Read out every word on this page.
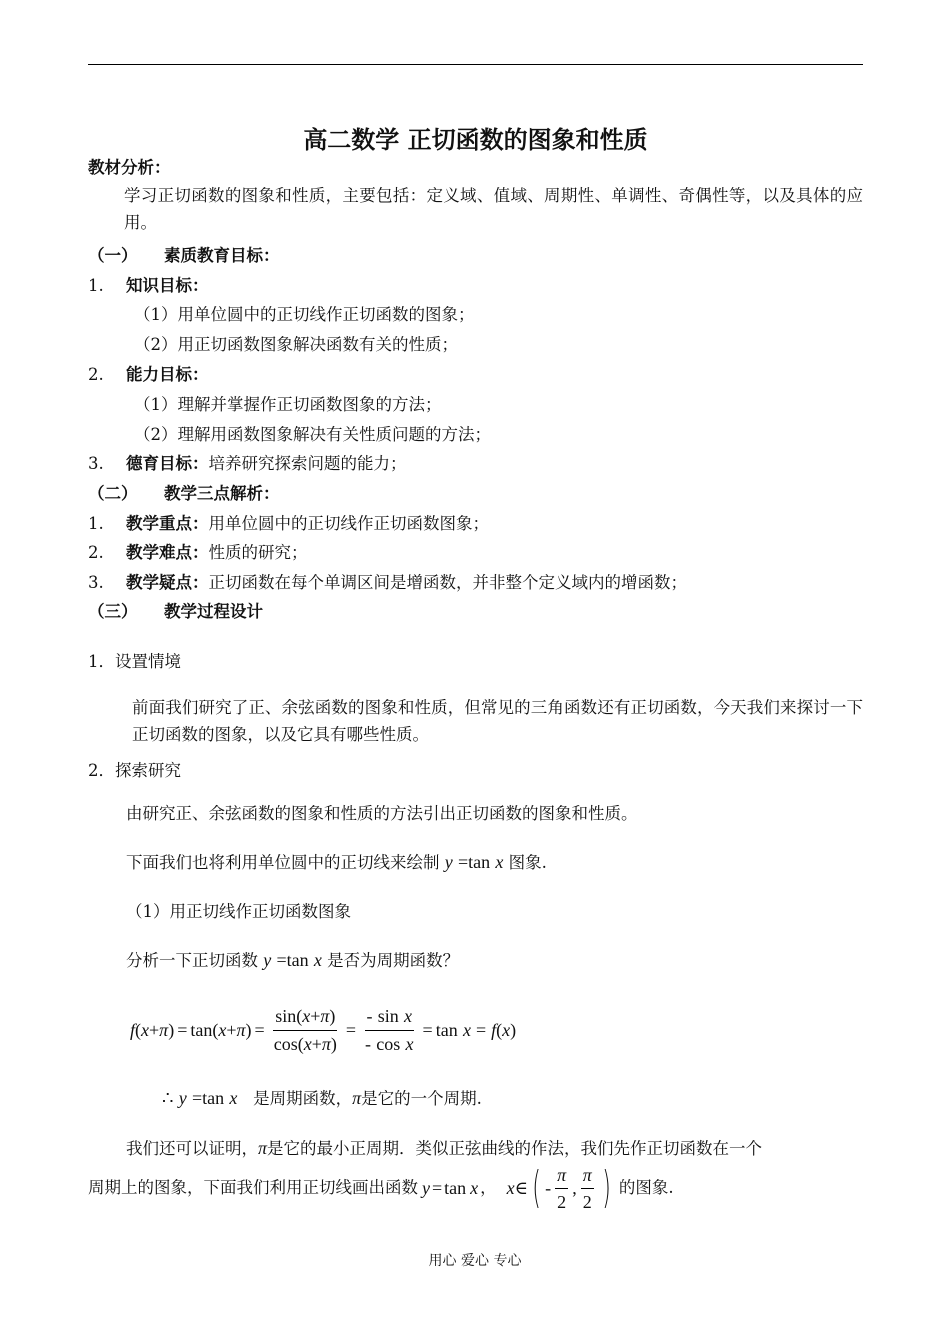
高二数学 正切函数的图象和性质
教材分析：
学习正切函数的图象和性质，主要包括：定义域、值域、周期性、单调性、奇偶性等，以及具体的应用。
（一） 素质教育目标：
1. 知识目标：
（1）用单位圆中的正切线作正切函数的图象；
（2）用正切函数图象解决函数有关的性质；
2. 能力目标：
（1）理解并掌握作正切函数图象的方法；
（2）理解用函数图象解决有关性质问题的方法；
3. 德育目标：培养研究探索问题的能力；
（二） 教学三点解析：
1. 教学重点：用单位圆中的正切线作正切函数图象；
2. 教学难点：性质的研究；
3. 教学疑点：正切函数在每个单调区间是增函数，并非整个定义域内的增函数；
（三） 教学过程设计
1．设置情境
前面我们研究了正、余弦函数的图象和性质，但常见的三角函数还有正切函数，今天我们来探讨一下正切函数的图象，以及它具有哪些性质。
2．探索研究
由研究正、余弦函数的图象和性质的方法引出正切函数的图象和性质。
下面我们也将利用单位圆中的正切线来绘制 y =tan x 图象.
（1）用正切线作正切函数图象
分析一下正切函数 y =tan x 是否为周期函数？
f ( x + π ) = tan ( x + π ) = $\frac{\sin(x+\pi)}{\cos(x+\pi)} = \frac{\text{- sin x}}{\text{- cos x}} = \tan$
x = f ( x )
∴ y =tan x 是周期函数，π是它的一个周期.
我们还可以证明，π是它的最小正周期．类似正弦曲线的作法，我们先作正切函数在一个
周期上的图象，下面我们利用正切线画出函数 y = tan x ， x ∈ ( - $\frac{\pi}{2}$ , $\frac{\pi}{2}$ ) 的图象.
用心 爱心 专心
